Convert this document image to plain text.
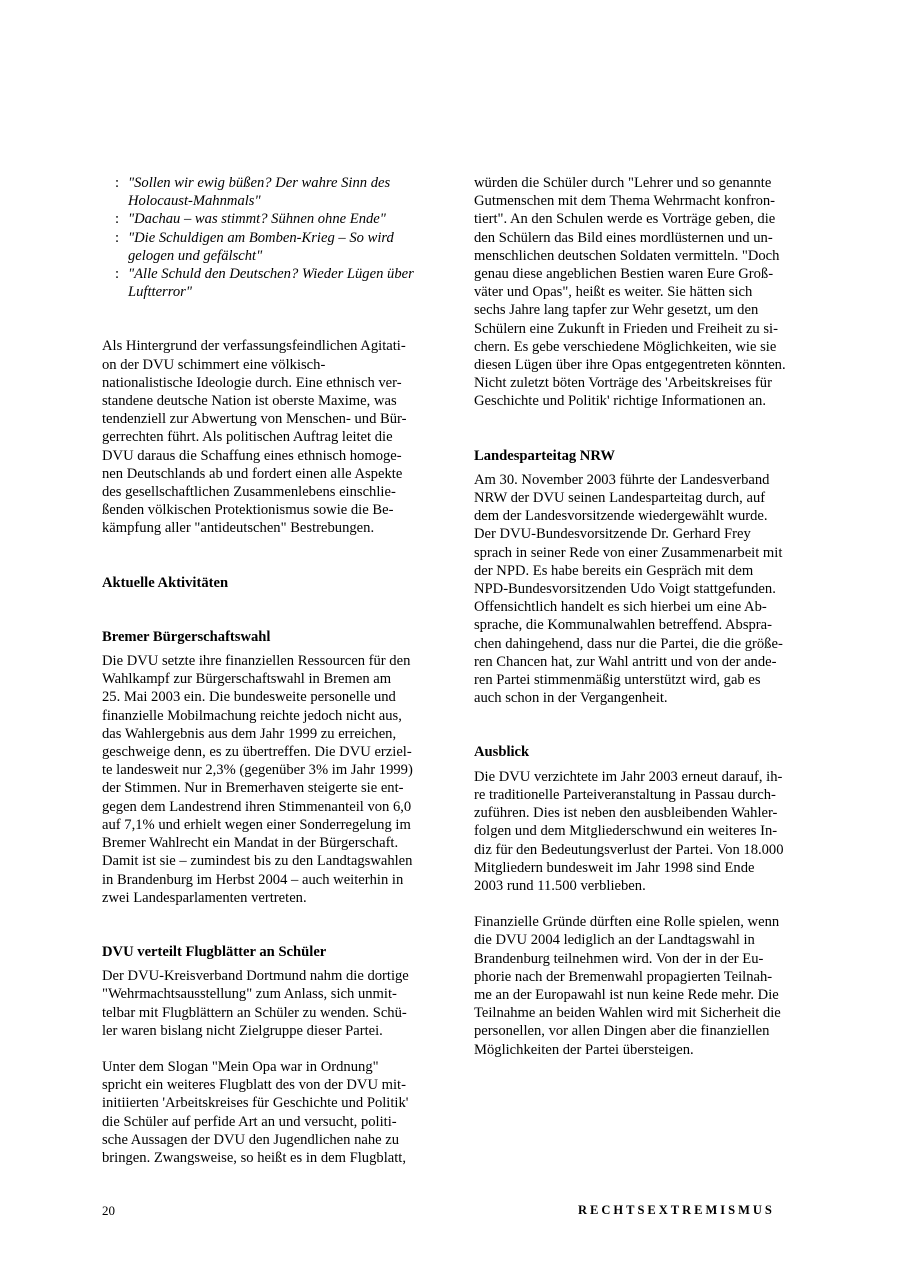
: "Sollen wir ewig büßen? Der wahre Sinn des
Holocaust-Mahnmals"
: "Dachau – was stimmt? Sühnen ohne Ende"
: "Die Schuldigen am Bomben-Krieg – So wird
gelogen und gefälscht"
: "Alle Schuld den Deutschen? Wieder Lügen über
Luftterror"
Als Hintergrund der verfassungsfeindlichen Agitati-
on der DVU schimmert eine völkisch-
nationalistische Ideologie durch. Eine ethnisch ver-
standene deutsche Nation ist oberste Maxime, was
tendenziell zur Abwertung von Menschen- und Bür-
gerrechten führt. Als politischen Auftrag leitet die
DVU daraus die Schaffung eines ethnisch homoge-
nen Deutschlands ab und fordert einen alle Aspekte
des gesellschaftlichen Zusammenlebens einschlie-
ßenden völkischen Protektionismus sowie die Be-
kämpfung aller "antideutschen" Bestrebungen.
Aktuelle Aktivitäten
Bremer Bürgerschaftswahl
Die DVU setzte ihre finanziellen Ressourcen für den
Wahlkampf zur Bürgerschaftswahl in Bremen am
25. Mai 2003 ein. Die bundesweite personelle und
finanzielle Mobilmachung reichte jedoch nicht aus,
das Wahlergebnis aus dem Jahr 1999 zu erreichen,
geschweige denn, es zu übertreffen. Die DVU erziel-
te landesweit nur 2,3% (gegenüber 3% im Jahr 1999)
der Stimmen. Nur in Bremerhaven steigerte sie ent-
gegen dem Landestrend ihren Stimmenanteil von 6,0
auf 7,1% und erhielt wegen einer Sonderregelung im
Bremer Wahlrecht ein Mandat in der Bürgerschaft.
Damit ist sie – zumindest bis zu den Landtagswahlen
in Brandenburg im Herbst 2004 – auch weiterhin in
zwei Landesparlamenten vertreten.
DVU verteilt Flugblätter an Schüler
Der DVU-Kreisverband Dortmund nahm die dortige
"Wehrmachtsausstellung" zum Anlass, sich unmit-
telbar mit Flugblättern an Schüler zu wenden. Schü-
ler waren bislang nicht Zielgruppe dieser Partei.
Unter dem Slogan "Mein Opa war in Ordnung"
spricht ein weiteres Flugblatt des von der DVU mit-
initiierten 'Arbeitskreises für Geschichte und Politik'
die Schüler auf perfide Art an und versucht, politi-
sche Aussagen der DVU den Jugendlichen nahe zu
bringen. Zwangsweise, so heißt es in dem Flugblatt,
würden die Schüler durch "Lehrer und so genannte
Gutmenschen mit dem Thema Wehrmacht konfron-
tiert". An den Schulen werde es Vorträge geben, die
den Schülern das Bild eines mordlüsternen und un-
menschlichen deutschen Soldaten vermitteln. "Doch
genau diese angeblichen Bestien waren Eure Groß-
väter und Opas", heißt es weiter. Sie hätten sich
sechs Jahre lang tapfer zur Wehr gesetzt, um den
Schülern eine Zukunft in Frieden und Freiheit zu si-
chern. Es gebe verschiedene Möglichkeiten, wie sie
diesen Lügen über ihre Opas entgegentreten könnten.
Nicht zuletzt böten Vorträge des 'Arbeitskreises für
Geschichte und Politik' richtige Informationen an.
Landesparteitag NRW
Am 30. November 2003 führte der Landesverband
NRW der DVU seinen Landesparteitag durch, auf
dem der Landesvorsitzende wiedergewählt wurde.
Der DVU-Bundesvorsitzende Dr. Gerhard Frey
sprach in seiner Rede von einer Zusammenarbeit mit
der NPD. Es habe bereits ein Gespräch mit dem
NPD-Bundesvorsitzenden Udo Voigt stattgefunden.
Offensichtlich handelt es sich hierbei um eine Ab-
sprache, die Kommunalwahlen betreffend. Abspra-
chen dahingehend, dass nur die Partei, die die größe-
ren Chancen hat, zur Wahl antritt und von der ande-
ren Partei stimmenmäßig unterstützt wird, gab es
auch schon in der Vergangenheit.
Ausblick
Die DVU verzichtete im Jahr 2003 erneut darauf, ih-
re traditionelle Parteiveranstaltung in Passau durch-
zuführen. Dies ist neben den ausbleibenden Wahler-
folgen und dem Mitgliederschwund ein weiteres In-
diz für den Bedeutungsverlust der Partei. Von 18.000
Mitgliedern bundesweit im Jahr 1998 sind Ende
2003 rund 11.500 verblieben.
Finanzielle Gründe dürften eine Rolle spielen, wenn
die DVU 2004 lediglich an der Landtagswahl in
Brandenburg teilnehmen wird. Von der in der Eu-
phorie nach der Bremenwahl propagierten Teilnah-
me an der Europawahl ist nun keine Rede mehr. Die
Teilnahme an beiden Wahlen wird mit Sicherheit die
personellen, vor allen Dingen aber die finanziellen
Möglichkeiten der Partei übersteigen.
20	RECHTSEXTREMISMUS
